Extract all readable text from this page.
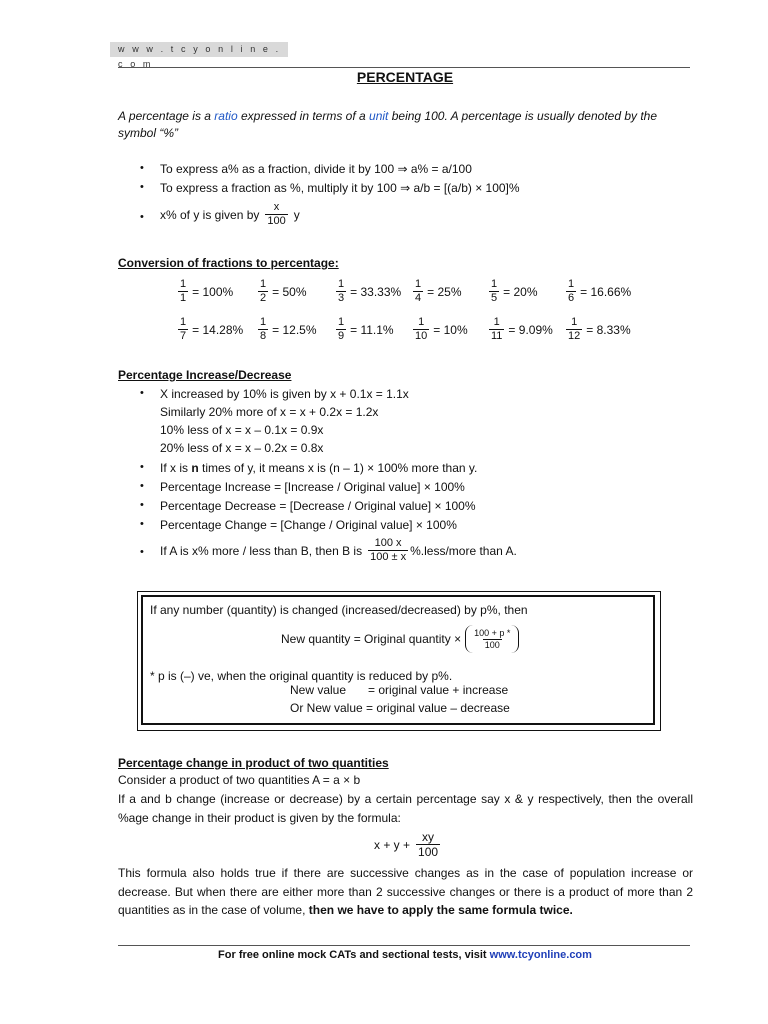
w w w . t c y o n l i n e . c o m
PERCENTAGE
A percentage is a ratio expressed in terms of a unit being 100. A percentage is usually denoted by the symbol “%”
• To express a% as a fraction, divide it by 100 ⇒ a% = a/100
• To express a fraction as %, multiply it by 100 ⇒ a/b = [(a/b) × 100]%
• x% of y is given by $\frac{x}{100}$ y
Conversion of fractions to percentage:
$\frac{1}{1} = 100\% \frac{1}{2} = 50\%$	$\frac{1}{3} = 33.33\% \frac{1}{4} = 25\%$	$\frac{1}{5} = 20\%$	$\frac{1}{6} = 16.66\%$
$\frac{1}{7} = 14.28\% \frac{1}{8} = 12.5\% \frac{1}{9} = 11.1\% \frac{1}{10} = 10\% \frac{1}{11} = 9.09\% \frac{1}{12} = 8.33\%$
Percentage Increase/Decrease
• X increased by 10% is given by x + 0.1x = 1.1x
Similarly 20% more of x = x + 0.2x = 1.2x
10% less of x = x – 0.1x = 0.9x
20% less of x = x – 0.2x = 0.8x
• If x is n times of y, it means x is (n – 1) × 100% more than y.
• Percentage Increase = [Increase / Original value] × 100%
• Percentage Decrease = [Decrease / Original value] × 100%
• Percentage Change = [Change / Original value] × 100%
• If A is x% more / less than B, then B is $\frac{100 x}{100 \pm x}$ %.less/more than A.
If any number (quantity) is changed (increased/decreased) by p%, then
New quantity = Original quantity × $\frac{100 + p *}{100}$
* p is (–) ve, when the original quantity is reduced by p%.
New value = original value + increase
Or New value = original value – decrease
Percentage change in product of two quantities
Consider a product of two quantities A = a × b
If a and b change (increase or decrease) by a certain percentage say x & y respectively, then the overall %age change in their product is given by the formula:
$x + y + \frac{xy}{100}$
This formula also holds true if there are successive changes as in the case of population increase or decrease. But when there are either more than 2 successive changes or there is a product of more than 2 quantities as in the case of volume, then we have to apply the same formula twice.
For free online mock CATs and sectional tests, visit www.tcyonline.com
